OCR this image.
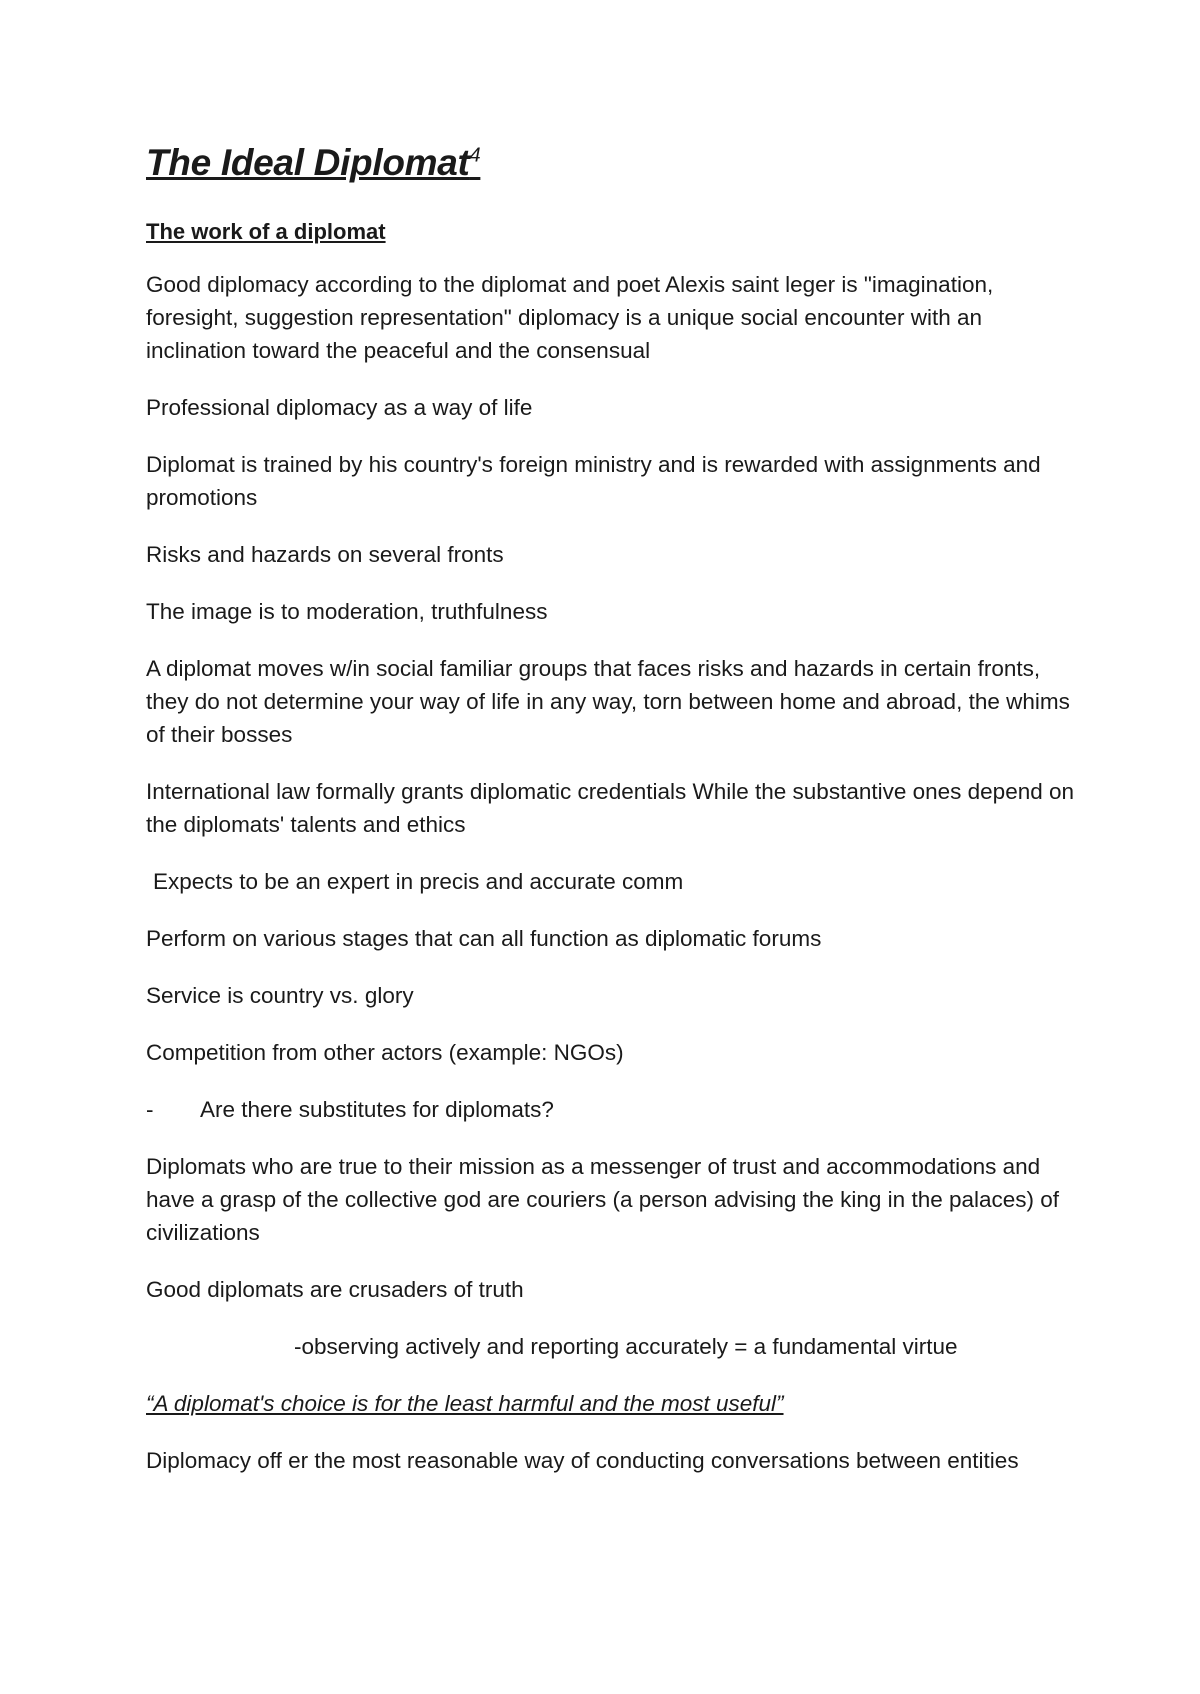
The Ideal Diplomat$^4$
The work of a diplomat

Good diplomacy according to the diplomat and poet Alexis saint leger is "imagination, foresight, suggestion representation" diplomacy is a unique social encounter with an inclination toward the peaceful and the consensual

Professional diplomacy as a way of life

Diplomat is trained by his country's foreign ministry and is rewarded with assignments and promotions

Risks and hazards on several fronts

The image is to moderation, truthfulness

A diplomat moves w/in social familiar groups that faces risks and hazards in certain fronts, they do not determine your way of life in any way, torn between home and abroad, the whims of their bosses

International law formally grants diplomatic credentials While the substantive ones depend on the diplomats' talents and ethics

Expects to be an expert in precis and accurate comm

Perform on various stages that can all function as diplomatic forums

Service is country vs. glory

Competition from other actors (example: NGOs)

-	Are there substitutes for diplomats?

Diplomats who are true to their mission as a messenger of trust and accommodations and have a grasp of the collective god are couriers (a person advising the king in the palaces) of civilizations

Good diplomats are crusaders of truth

-observing actively and reporting accurately = a fundamental virtue

“A diplomat's choice is for the least harmful and the most useful”

Diplomacy off er the most reasonable way of conducting conversations between entities
